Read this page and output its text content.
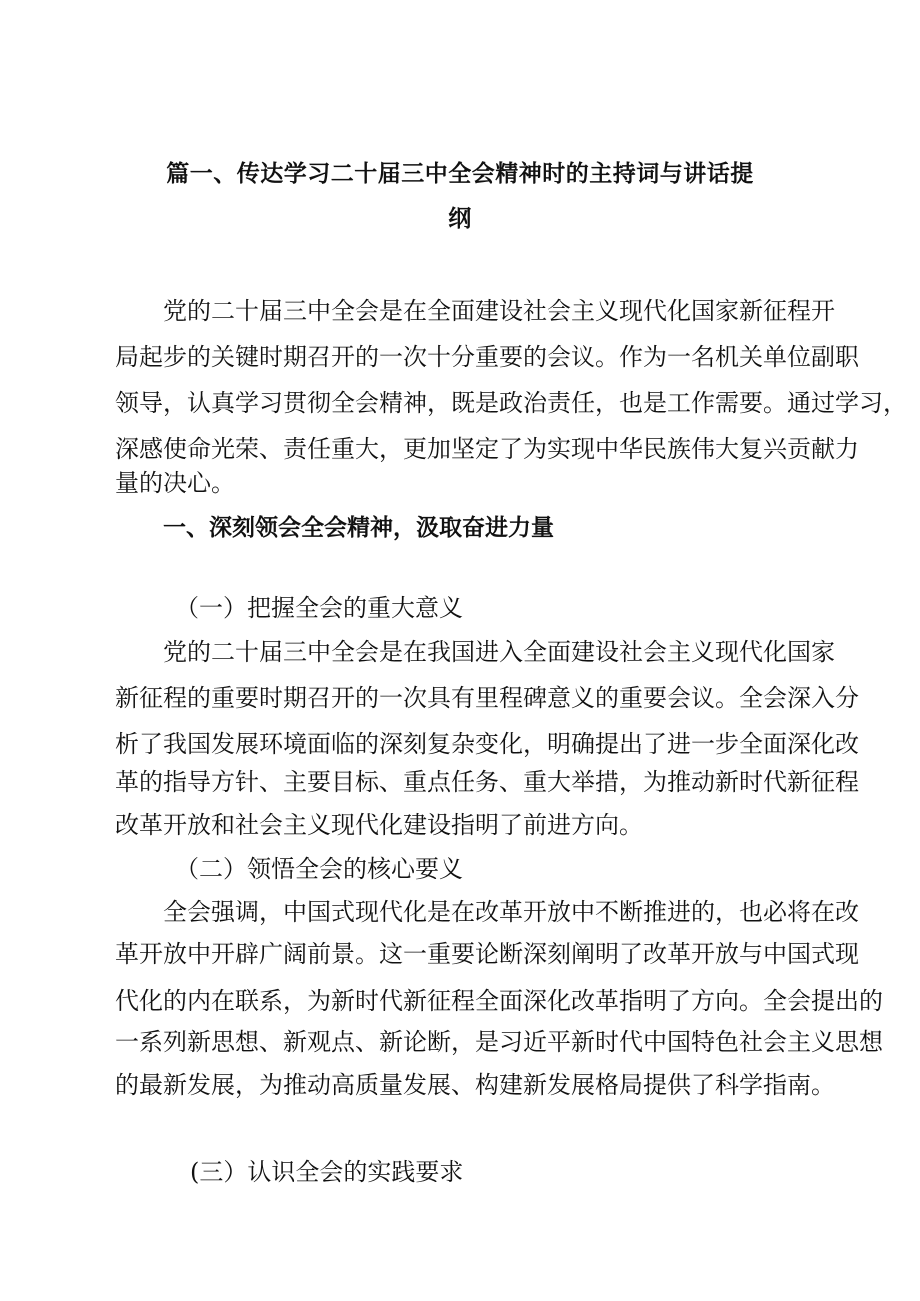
篇一、传达学习二十届三中全会精神时的主持词与讲话提
纲
党的二十届三中全会是在全面建设社会主义现代化国家新征程开
局起步的关键时期召开的一次十分重要的会议。作为一名机关单位副职
领导，认真学习贯彻全会精神，既是政治责任，也是工作需要。通过学习，
深感使命光荣、责任重大，更加坚定了为实现中华民族伟大复兴贡献力
量的决心。
一、深刻领会全会精神，汲取奋进力量
（一）把握全会的重大意义
党的二十届三中全会是在我国进入全面建设社会主义现代化国家
新征程的重要时期召开的一次具有里程碑意义的重要会议。全会深入分
析了我国发展环境面临的深刻复杂变化，明确提出了进一步全面深化改
革的指导方针、主要目标、重点任务、重大举措，为推动新时代新征程
改革开放和社会主义现代化建设指明了前进方向。
（二）领悟全会的核心要义
全会强调，中国式现代化是在改革开放中不断推进的，也必将在改
革开放中开辟广阔前景。这一重要论断深刻阐明了改革开放与中国式现
代化的内在联系，为新时代新征程全面深化改革指明了方向。全会提出的
一系列新思想、新观点、新论断，是习近平新时代中国特色社会主义思想
的最新发展，为推动高质量发展、构建新发展格局提供了科学指南。
(三）认识全会的实践要求
